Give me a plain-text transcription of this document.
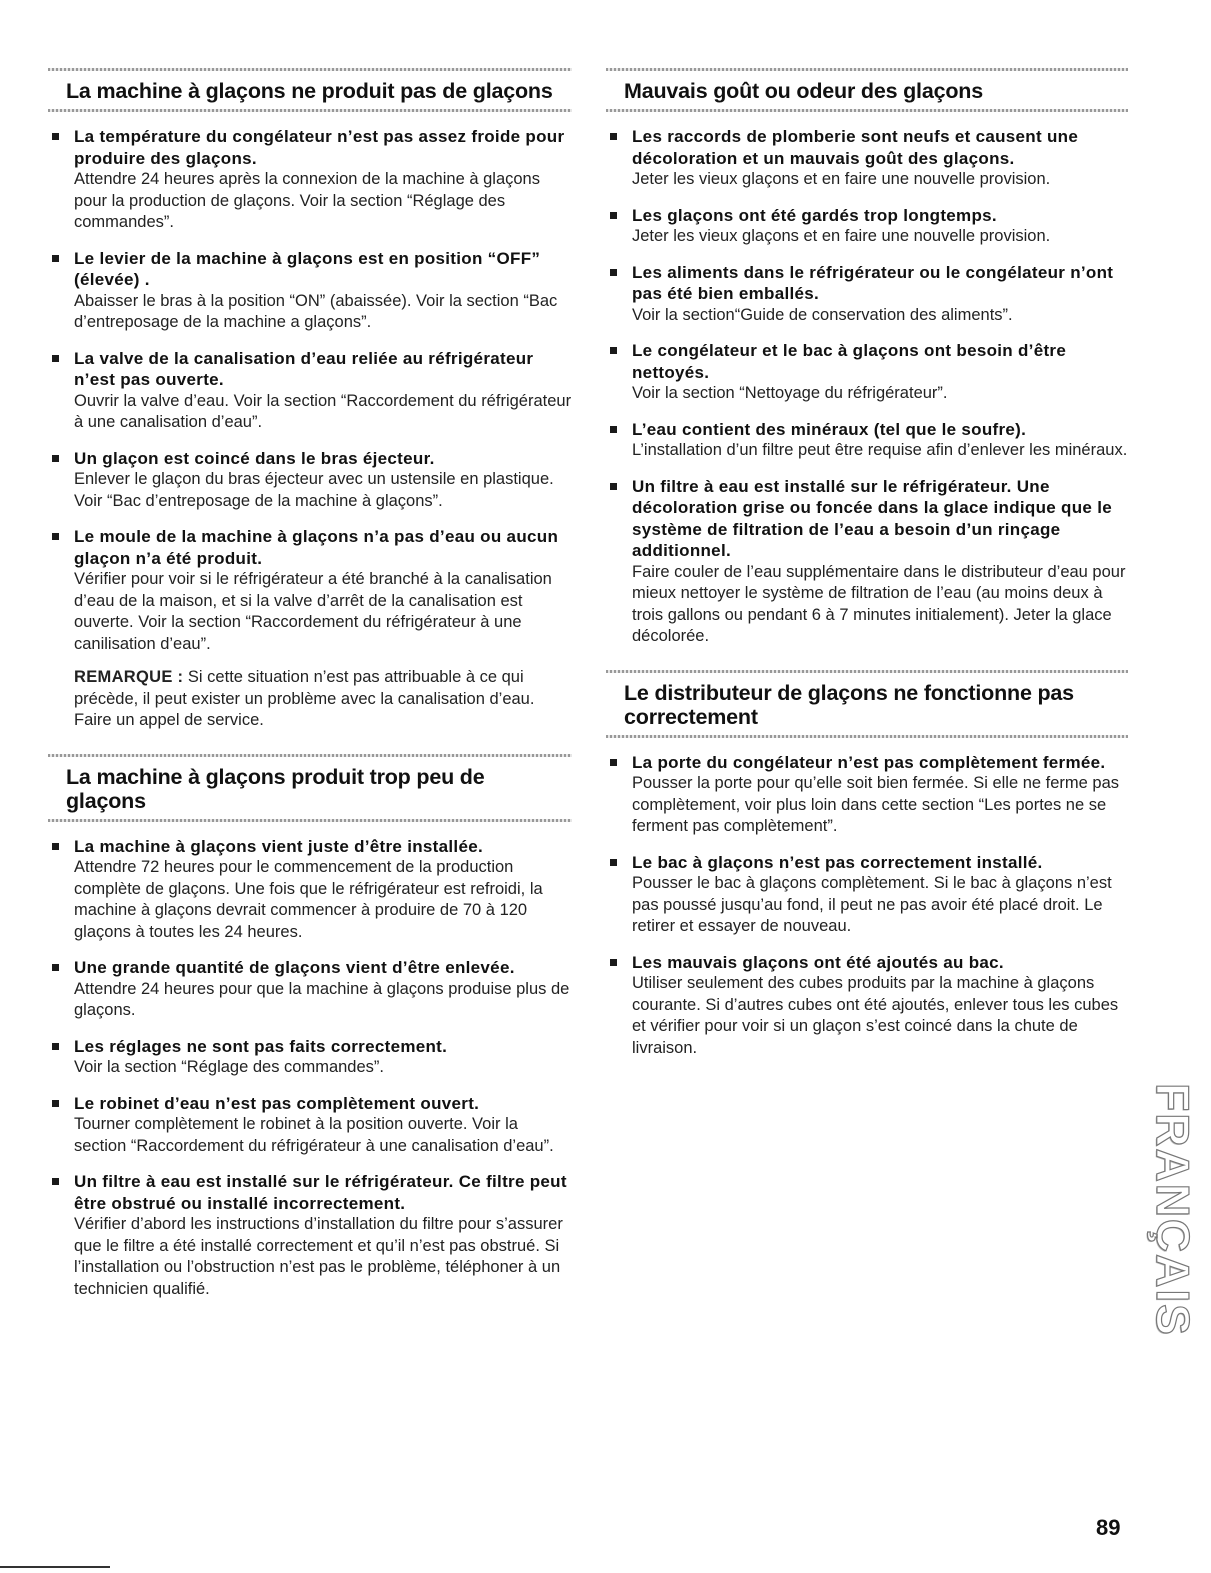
La machine à glaçons ne produit pas de glaçons
La température du congélateur n’est pas assez froide pour produire des glaçons.
Attendre 24 heures après la connexion de la machine à glaçons pour la production de glaçons. Voir la section “Réglage des commandes”.
Le levier de la machine à glaçons est en position “OFF” (élevée) .
Abaisser le bras à la position “ON” (abaissée). Voir la section “Bac d’entreposage de la machine a glaçons”.
La valve de la canalisation d’eau reliée au réfrigérateur n’est pas ouverte.
Ouvrir la valve d’eau. Voir la section “Raccordement du réfrigérateur à une canalisation d’eau”.
Un glaçon est coincé dans le bras éjecteur.
Enlever le glaçon du bras éjecteur avec un ustensile en plastique. Voir “Bac d’entreposage de la machine à glaçons”.
Le moule de la machine à glaçons n’a pas d’eau ou aucun glaçon n’a été produit.
Vérifier pour voir si le réfrigérateur a été branché à la canalisation d’eau de la maison, et si la valve d’arrêt de la canalisation est ouverte. Voir la section “Raccordement du réfrigérateur à une canilisation d’eau”.
REMARQUE : Si cette situation n’est pas attribuable à ce qui précède, il peut exister un problème avec la canalisation d’eau. Faire un appel de service.
La machine à glaçons produit trop peu de glaçons
La machine à glaçons vient juste d’être installée.
Attendre 72 heures pour le commencement de la production complète de glaçons. Une fois que le réfrigérateur est refroidi, la machine à glaçons devrait commencer à produire de 70 à 120 glaçons à toutes les 24 heures.
Une grande quantité de glaçons vient d’être enlevée.
Attendre 24 heures pour que la machine à glaçons produise plus de glaçons.
Les réglages ne sont pas faits correctement.
Voir la section “Réglage des commandes”.
Le robinet d’eau n’est pas complètement ouvert.
Tourner complètement le robinet à la position ouverte. Voir la section “Raccordement du réfrigérateur à une canalisation d’eau”.
Un filtre à eau est installé sur le réfrigérateur. Ce filtre peut être obstrué ou installé incorrectement.
Vérifier d’abord les instructions d’installation du filtre pour s’assurer que le filtre a été installé correctement et qu’il n’est pas obstrué. Si l’installation ou l’obstruction n’est pas le problème, téléphoner à un technicien qualifié.
Mauvais goût ou odeur des glaçons
Les raccords de plomberie sont neufs et causent une décoloration et un mauvais goût des glaçons.
Jeter les vieux glaçons et en faire une nouvelle provision.
Les glaçons ont été gardés trop longtemps.
Jeter les vieux glaçons et en faire une nouvelle provision.
Les aliments dans le réfrigérateur ou le congélateur n’ont pas été bien emballés.
Voir la section“Guide de conservation des aliments”.
Le congélateur et le bac à glaçons ont besoin d’être nettoyés.
Voir la section “Nettoyage du réfrigérateur”.
L’eau contient des minéraux (tel que le soufre).
L’installation d’un filtre peut être requise afin d’enlever les minéraux.
Un filtre à eau est installé sur le réfrigérateur. Une décoloration grise ou foncée dans la glace indique que le système de filtration de l’eau a besoin d’un rinçage additionnel.
Faire couler de l’eau supplémentaire dans le distributeur d’eau pour mieux nettoyer le système de filtration de l’eau (au moins deux à trois gallons ou pendant 6 à 7 minutes initialement). Jeter la glace décolorée.
Le distributeur de glaçons ne fonctionne pas correctement
La porte du congélateur n’est pas complètement fermée.
Pousser la porte pour qu’elle soit bien fermée. Si elle ne ferme pas complètement, voir plus loin dans cette section “Les portes ne se ferment pas complètement”.
Le bac à glaçons n’est pas correctement installé.
Pousser le bac à glaçons complètement. Si le bac à glaçons n’est pas poussé jusqu’au fond, il peut ne pas avoir été placé droit. Le retirer et essayer de nouveau.
Les mauvais glaçons ont été ajoutés au bac.
Utiliser seulement des cubes produits par la machine à glaçons courante. Si d’autres cubes ont été ajoutés, enlever tous les cubes et vérifier pour voir si un glaçon s’est coincé dans la chute de livraison.
FRANÇAIS
89
